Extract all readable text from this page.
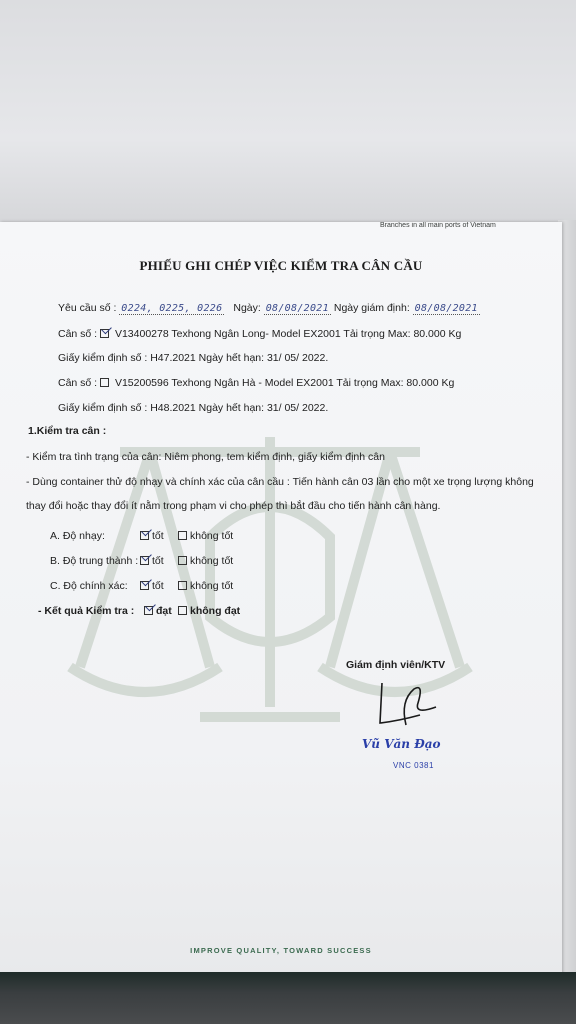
Branches in all main ports of Vietnam
PHIẾU GHI CHÉP VIỆC KIỂM TRA CÂN CẦU
Yêu cầu số : 0224, 0225, 0226 Ngày: 08/08/2021 Ngày giám định: 08/08/2021
Cân số : V13400278 Texhong Ngân Long- Model EX2001 Tải trọng Max: 80.000 Kg
Giấy kiểm định số : H47.2021 Ngày hết hạn: 31/ 05/ 2022.
Cân số : V15200596 Texhong Ngân Hà - Model EX2001 Tải trọng Max: 80.000 Kg
Giấy kiểm định số : H48.2021 Ngày hết hạn: 31/ 05/ 2022.
1.Kiểm tra cân :
- Kiểm tra tình trạng của cân: Niêm phong, tem kiểm định, giấy kiểm định cân
- Dùng container thử độ nhạy và chính xác của cân cầu : Tiến hành cân 03 lần cho một xe trọng lượng không
thay đổi hoặc thay đổi ít nằm trong phạm vi cho phép thì bắt đầu cho tiến hành cân hàng.
A. Độ nhạy:	tốt	không tốt
B. Độ trung thành :	tốt	không tốt
C. Độ chính xác:	tốt	không tốt
- Kết quả Kiểm tra :	đạt	không đạt
Giám định viên/KTV
Vũ Văn Đạo
VNC 0381
IMPROVE QUALITY, TOWARD SUCCESS
